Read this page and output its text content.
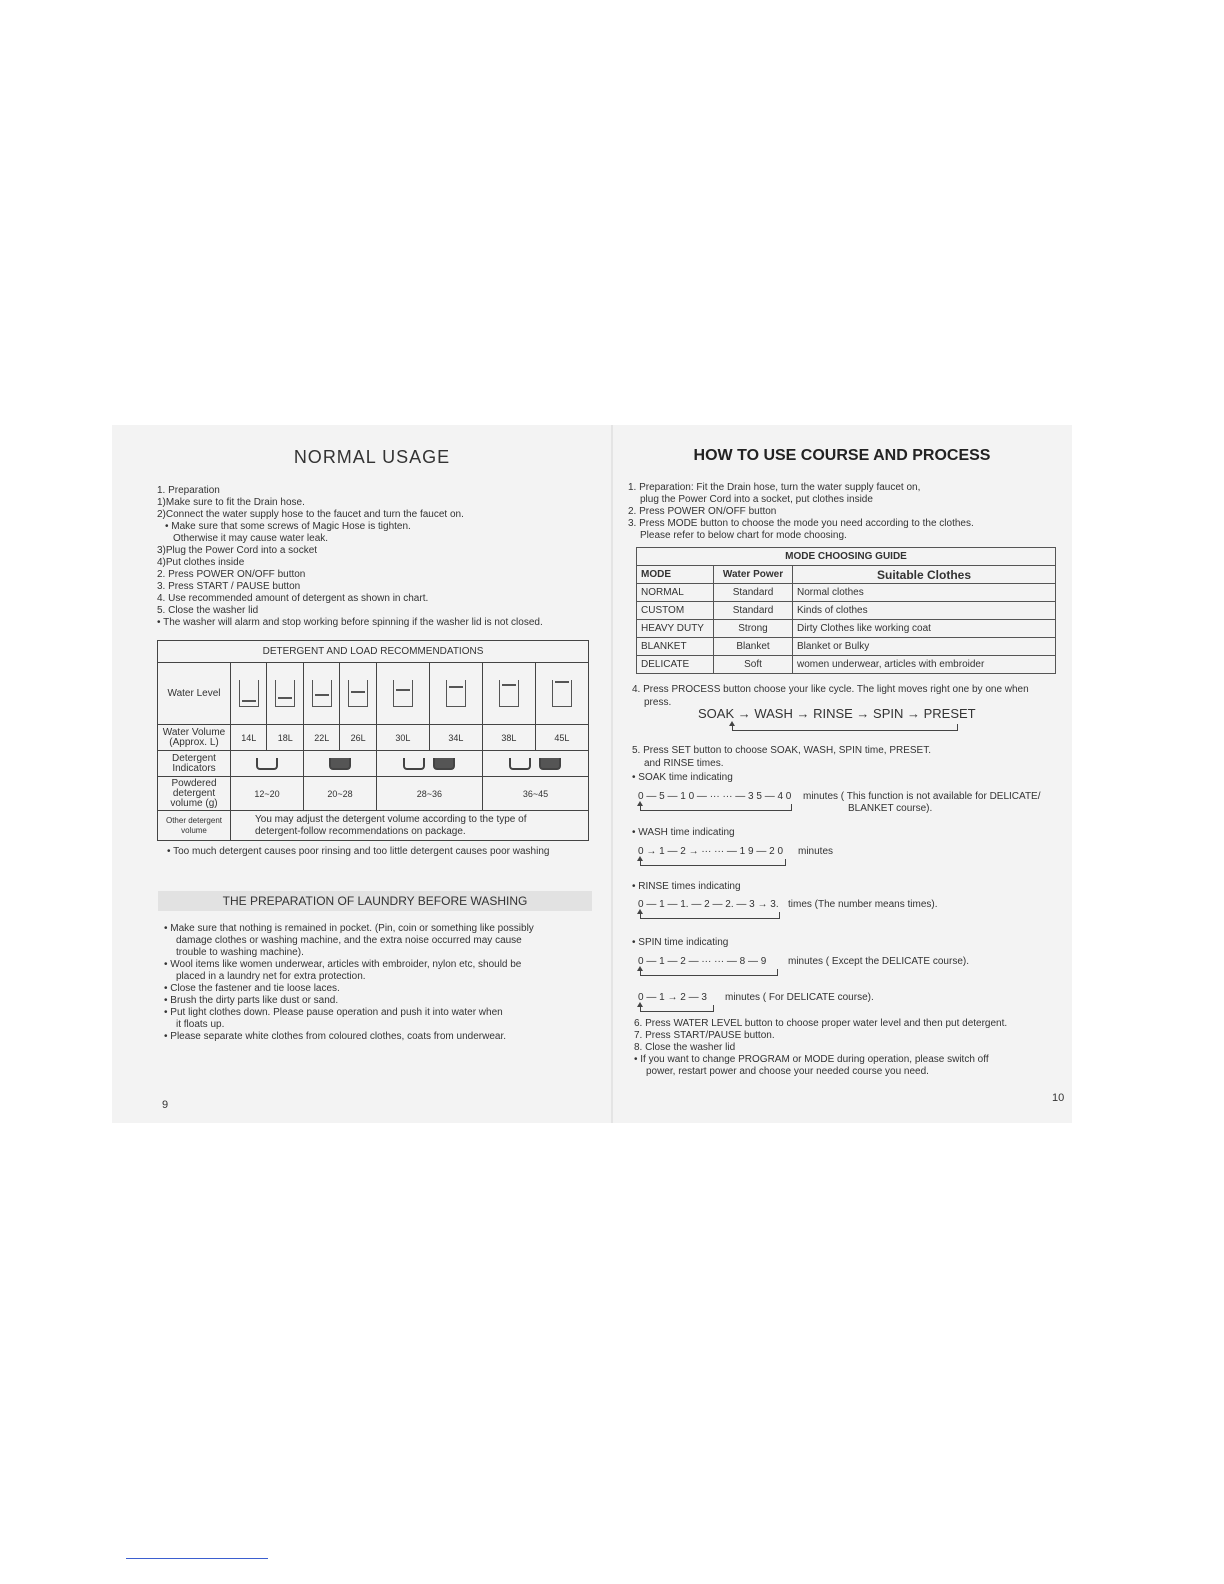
NORMAL USAGE
1. Preparation
1)Make sure to fit the Drain hose.
2)Connect the water supply hose to the faucet and turn the faucet on.
• Make sure that some screws of Magic Hose is tighten.
Otherwise it may cause water leak.
3)Plug the Power Cord into a socket
4)Put clothes inside
2. Press POWER ON/OFF button
3. Press START / PAUSE button
4. Use recommended amount of detergent as shown in chart.
5. Close the washer lid
• The washer will alarm and stop working before spinning if the washer lid is not closed.
DETERGENT AND LOAD RECOMMENDATIONS								
Water Level	

Water Volume (Approx. L)	14L	18L	22L	26L	30L	34L	38L	45L
Detergent Indicators								
Powdered detergent volume (g)	12~20		20~28		28~36		36~45	
Other detergent volume	You may adjust the detergent volume according to the type of
detergent-follow recommendations on package.							
• Too much detergent causes poor rinsing and too little detergent causes poor washing
THE PREPARATION OF LAUNDRY BEFORE WASHING
• Make sure that nothing is remained in pocket. (Pin, coin or something like possibly
damage clothes or washing machine, and the extra noise occurred may cause
trouble to washing machine).
• Wool items like women underwear, articles with embroider, nylon etc, should be
placed in a laundry net for extra protection.
• Close the fastener and tie loose laces.
• Brush the dirty parts like dust or sand.
• Put light clothes down. Please pause operation and push it into water when
it floats up.
• Please separate white clothes from coloured clothes, coats from underwear.
9
HOW TO USE COURSE AND PROCESS
1. Preparation: Fit the Drain hose, turn the water supply faucet on,
plug the Power Cord into a socket, put clothes inside
2. Press POWER ON/OFF button
3. Press MODE button to choose the mode you need according to the clothes.
Please refer to below chart for mode choosing.
MODE CHOOSING GUIDE		
MODE	Water Power	Suitable Clothes
NORMAL	Standard	Normal clothes
CUSTOM	Standard	Kinds of clothes
HEAVY DUTY	Strong	Dirty Clothes like working coat
BLANKET	Blanket	Blanket or Bulky
DELICATE	Soft	women underwear, articles with embroider
4. Press PROCESS button choose your like cycle. The light moves right one by one when
press.
SOAK → WASH → RINSE → SPIN → PRESET
5. Press SET button to choose SOAK, WASH, SPIN time, PRESET.
and RINSE times.
• SOAK time indicating
0 — 5 — 1 0 — ··· ··· — 3 5 — 4 0 minutes ( This function is not available for DELICATE/
BLANKET course).
• WASH time indicating
0 → 1 — 2 → ··· ··· — 1 9 — 2 0 minutes
• RINSE times indicating
0 — 1 — 1. — 2 — 2. — 3 → 3. times (The number means times).
• SPIN time indicating
0 — 1 — 2 — ··· ··· — 8 — 9 minutes ( Except the DELICATE course).
0 — 1 → 2 — 3 minutes ( For DELICATE course).
6. Press WATER LEVEL button to choose proper water level and then put detergent.
7. Press START/PAUSE button.
8. Close the washer lid
• If you want to change PROGRAM or MODE during operation, please switch off
power, restart power and choose your needed course you need.
10
